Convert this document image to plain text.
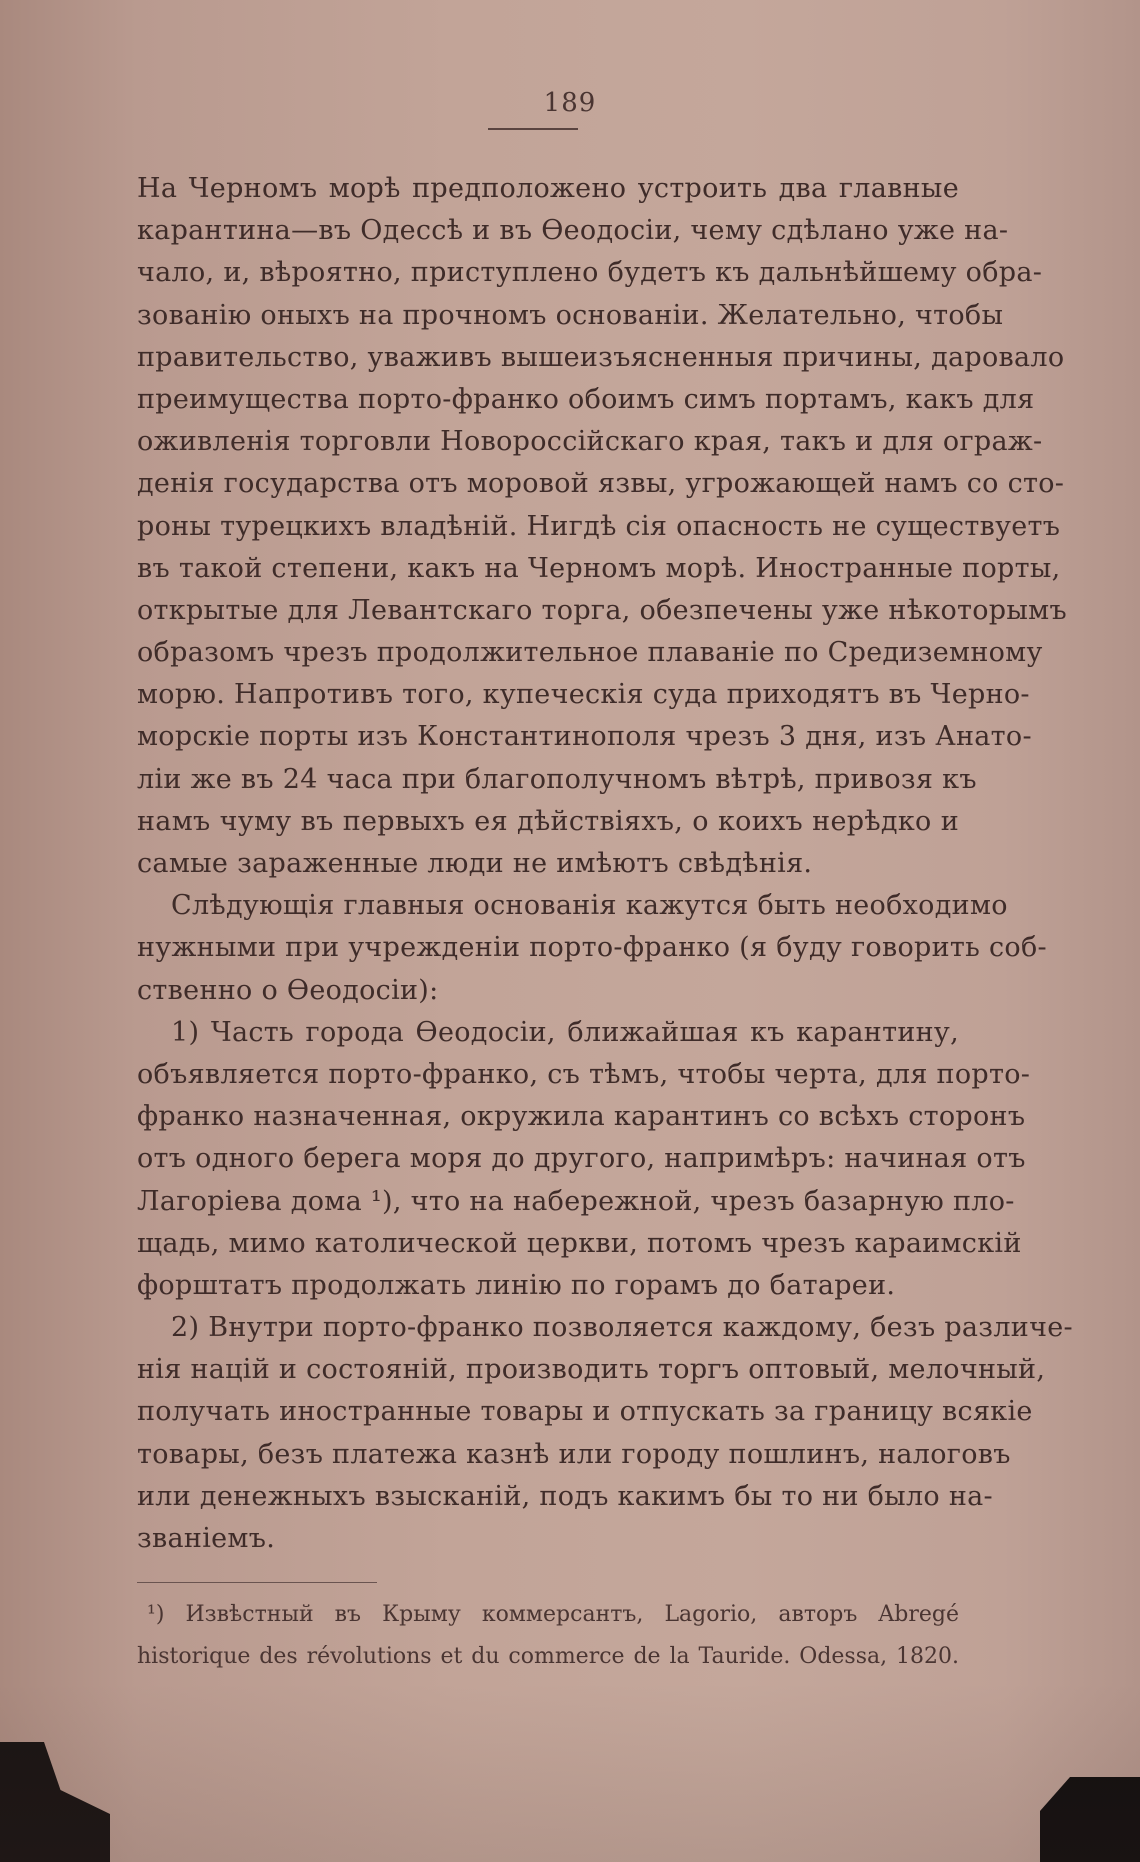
189
На Черномъ морѣ предположено устроить два главные
карантина—въ Одессѣ и въ Ѳеодосіи, чему сдѣлано уже на-
чало, и, вѣроятно, приступлено будетъ къ дальнѣйшему обра-
зованію оныхъ на прочномъ основаніи. Желательно, чтобы
правительство, уваживъ вышеизъясненныя причины, даровало
преимущества порто-франко обоимъ симъ портамъ, какъ для
оживленія торговли Новороссійскаго края, такъ и для ограж-
денія государства отъ моровой язвы, угрожающей намъ со сто-
роны турецкихъ владѣній. Нигдѣ сія опасность не существуетъ
въ такой степени, какъ на Черномъ морѣ. Иностранные порты,
открытые для Левантскаго торга, обезпечены уже нѣкоторымъ
образомъ чрезъ продолжительное плаваніе по Средиземному
морю. Напротивъ того, купеческія суда приходятъ въ Черно-
морскіе порты изъ Константинополя чрезъ 3 дня, изъ Анато-
ліи же въ 24 часа при благополучномъ вѣтрѣ, привозя къ
намъ чуму въ первыхъ ея дѣйствіяхъ, о коихъ нерѣдко и
самые зараженные люди не имѣютъ свѣдѣнія.
Слѣдующія главныя основанія кажутся быть необходимо
нужными при учрежденіи порто-франко (я буду говорить соб-
ственно о Ѳеодосіи):
1) Часть города Ѳеодосіи, ближайшая къ карантину,
объявляется порто-франко, съ тѣмъ, чтобы черта, для порто-
франко назначенная, окружила карантинъ со всѣхъ сторонъ
отъ одного берега моря до другого, напримѣръ: начиная отъ
Лагоріева дома ¹), что на набережной, чрезъ базарную пло-
щадь, мимо католической церкви, потомъ чрезъ караимскій
форштатъ продолжать линію по горамъ до батареи.
2) Внутри порто-франко позволяется каждому, безъ различе-
нія націй и состояній, производить торгъ оптовый, мелочный,
получать иностранные товары и отпускать за границу всякіе
товары, безъ платежа казнѣ или городу пошлинъ, налоговъ
или денежныхъ взысканій, подъ какимъ бы то ни было на-
званіемъ.
¹) Извѣстный въ Крыму коммерсантъ, Lagorio, авторъ Abregé
historique des révolutions et du commerce de la Tauride. Odessa, 1820.
